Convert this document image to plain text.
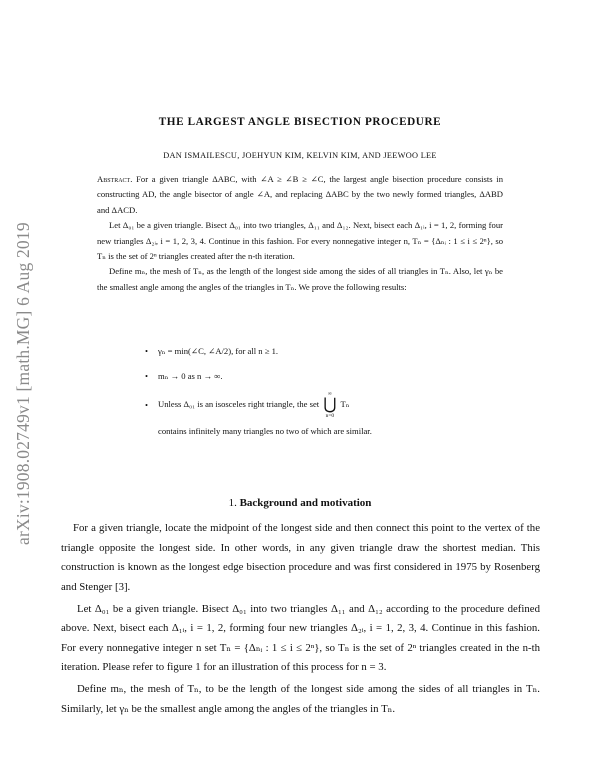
arXiv:1908.02749v1 [math.MG] 6 Aug 2019
THE LARGEST ANGLE BISECTION PROCEDURE
DAN ISMAILESCU, JOEHYUN KIM, KELVIN KIM, AND JEEWOO LEE

Abstract. For a given triangle ΔABC, with ∠A ≥ ∠B ≥ ∠C, the largest angle bisection procedure consists in constructing AD, the angle bisector of angle ∠A, and replacing ΔABC by the two newly formed triangles, ΔABD and ΔACD.

Let Δ₀₁ be a given triangle. Bisect Δ₀₁ into two triangles, Δ₁₁ and Δ₁₂. Next, bisect each Δ₁ᵢ, i = 1, 2, forming four new triangles Δ₂ᵢ, i = 1, 2, 3, 4. Continue in this fashion. For every nonnegative integer n, Tₙ = {Δₙᵢ : 1 ≤ i ≤ 2ⁿ}, so Tₙ is the set of 2ⁿ triangles created after the n-th iteration.

Define mₙ, the mesh of Tₙ, as the length of the longest side among the sides of all triangles in Tₙ. Also, let γₙ be the smallest angle among the angles of the triangles in Tₙ. We prove the following results:

• γₙ = min(∠C, ∠A/2), for all n ≥ 1.
• mₙ → 0 as n → ∞.
• Unless Δ₀₁ is an isosceles right triangle, the set
∞
⋃
n=0
Tₙ
contains infinitely many triangles no two of which are similar.
1. Background and motivation

For a given triangle, locate the midpoint of the longest side and then connect this point to the vertex of the triangle opposite the longest side. In other words, in any given triangle draw the shortest median. This construction is known as the longest edge bisection procedure and was first considered in 1975 by Rosenberg and Stenger [3].

Let Δ₀₁ be a given triangle. Bisect Δ₀₁ into two triangles Δ₁₁ and Δ₁₂ according to the procedure defined above. Next, bisect each Δ₁ᵢ, i = 1, 2, forming four new triangles Δ₂ᵢ, i = 1, 2, 3, 4. Continue in this fashion. For every nonnegative integer n set Tₙ = {Δₙᵢ : 1 ≤ i ≤ 2ⁿ}, so Tₙ is the set of 2ⁿ triangles created in the n-th iteration. Please refer to figure 1 for an illustration of this process for n = 3.

Define mₙ, the mesh of Tₙ, to be the length of the longest side among the sides of all triangles in Tₙ. Similarly, let γₙ be the smallest angle among the angles of the triangles in Tₙ.
